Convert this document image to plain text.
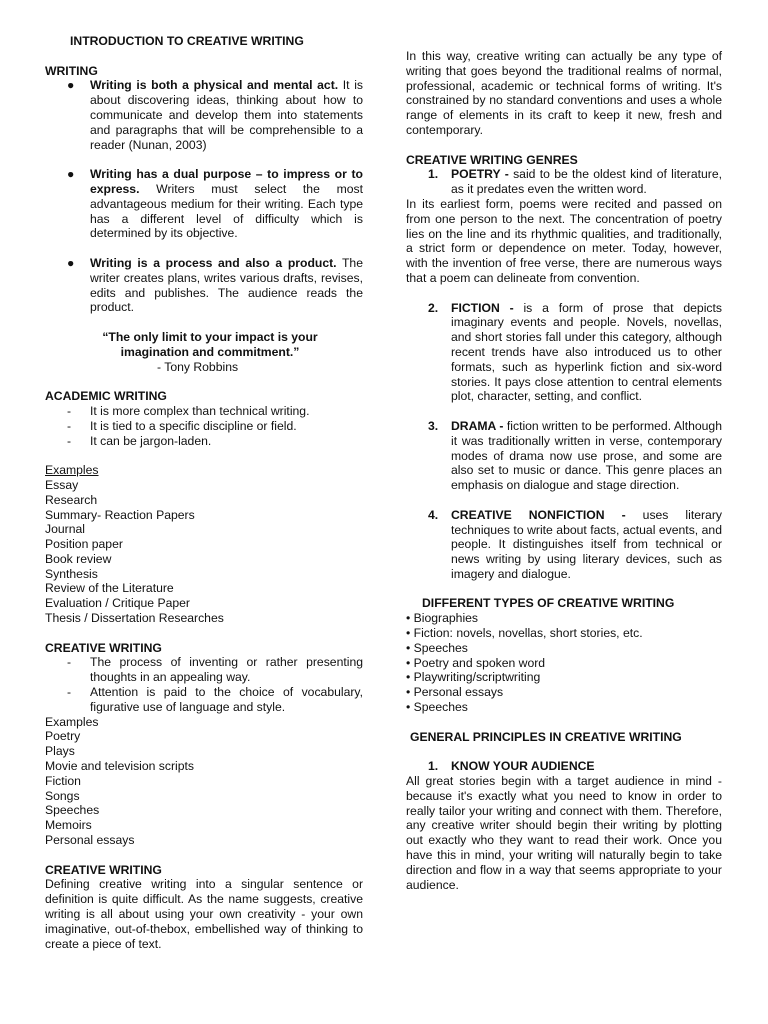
INTRODUCTION TO CREATIVE WRITING
WRITING
● Writing is both a physical and mental act. It is about discovering ideas, thinking about how to communicate and develop them into statements and paragraphs that will be comprehensible to a reader (Nunan, 2003)
● Writing has a dual purpose – to impress or to express. Writers must select the most advantageous medium for their writing. Each type has a different level of difficulty which is determined by its objective.
● Writing is a process and also a product. The writer creates plans, writes various drafts, revises, edits and publishes. The audience reads the product.
“The only limit to your impact is your
imagination and commitment.”
- Tony Robbins
ACADEMIC WRITING
- It is more complex than technical writing.
- It is tied to a specific discipline or field.
- It can be jargon-laden.
Examples
Essay
Research
Summary- Reaction Papers
Journal
Position paper
Book review
Synthesis
Review of the Literature
Evaluation / Critique Paper
Thesis / Dissertation Researches
CREATIVE WRITING
- The process of inventing or rather presenting thoughts in an appealing way.
- Attention is paid to the choice of vocabulary, figurative use of language and style.
Examples
Poetry
Plays
Movie and television scripts
Fiction
Songs
Speeches
Memoirs
Personal essays
CREATIVE WRITING
Defining creative writing into a singular sentence or definition is quite difficult. As the name suggests, creative writing is all about using your own creativity - your own imaginative, out-of-thebox, embellished way of thinking to create a piece of text.
In this way, creative writing can actually be any type of writing that goes beyond the traditional realms of normal, professional, academic or technical forms of writing. It's constrained by no standard conventions and uses a whole range of elements in its craft to keep it new, fresh and contemporary.
CREATIVE WRITING GENRES
1. POETRY - said to be the oldest kind of literature, as it predates even the written word.
In its earliest form, poems were recited and passed on from one person to the next. The concentration of poetry lies on the line and its rhythmic qualities, and traditionally, a strict form or dependence on meter. Today, however, with the invention of free verse, there are numerous ways that a poem can delineate from convention.
2. FICTION - is a form of prose that depicts imaginary events and people. Novels, novellas, and short stories fall under this category, although recent trends have also introduced us to other formats, such as hyperlink fiction and six-word stories. It pays close attention to central elements plot, character, setting, and conflict.
3. DRAMA - fiction written to be performed. Although it was traditionally written in verse, contemporary modes of drama now use prose, and some are also set to music or dance. This genre places an emphasis on dialogue and stage direction.
4. CREATIVE NONFICTION - uses literary techniques to write about facts, actual events, and people. It distinguishes itself from technical or news writing by using literary devices, such as imagery and dialogue.
DIFFERENT TYPES OF CREATIVE WRITING
• Biographies
• Fiction: novels, novellas, short stories, etc.
• Speeches
• Poetry and spoken word
• Playwriting/scriptwriting
• Personal essays
• Speeches
GENERAL PRINCIPLES IN CREATIVE WRITING
1. KNOW YOUR AUDIENCE
All great stories begin with a target audience in mind - because it's exactly what you need to know in order to really tailor your writing and connect with them. Therefore, any creative writer should begin their writing by plotting out exactly who they want to read their work. Once you have this in mind, your writing will naturally begin to take direction and flow in a way that seems appropriate to your audience.
